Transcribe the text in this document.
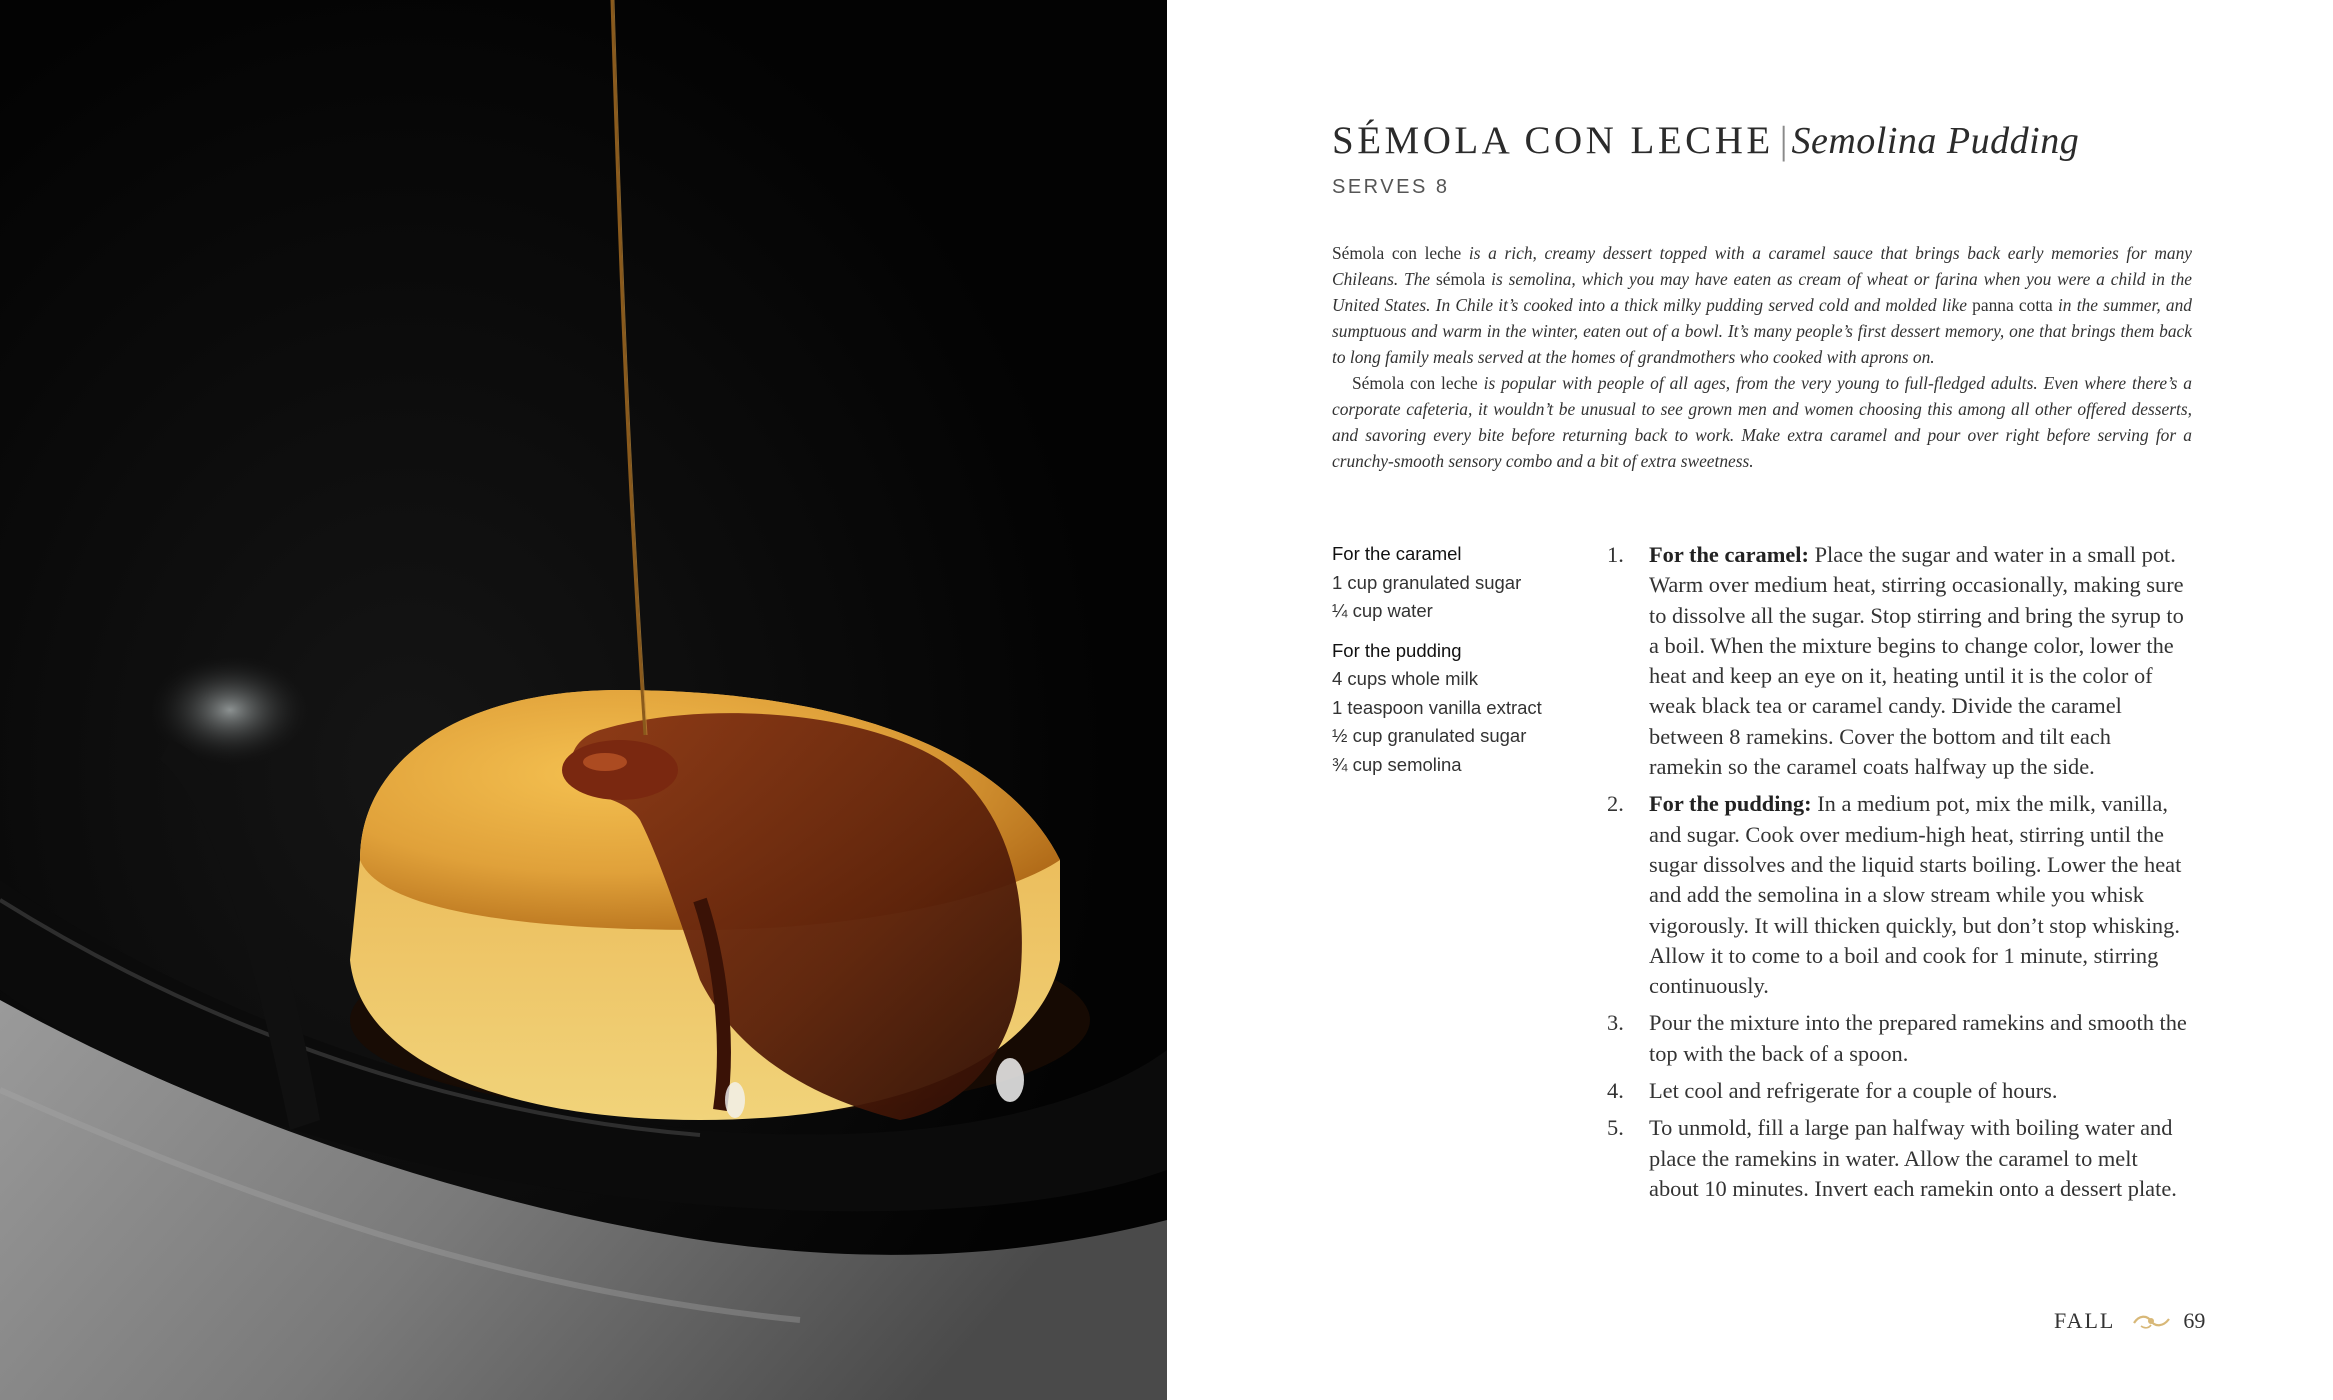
SÉMOLA CON LECHE | Semolina Pudding
SERVES 8

Sémola con leche is a rich, creamy dessert topped with a caramel sauce that brings back early memories for many Chileans. The sémola is semolina, which you may have eaten as cream of wheat or farina when you were a child in the United States. In Chile it’s cooked into a thick milky pudding served cold and molded like panna cotta in the summer, and sumptuous and warm in the winter, eaten out of a bowl. It’s many people’s first dessert memory, one that brings them back to long family meals served at the homes of grandmothers who cooked with aprons on.

Sémola con leche is popular with people of all ages, from the very young to full-fledged adults. Even where there’s a corporate cafeteria, it wouldn’t be unusual to see grown men and women choosing this among all other offered desserts, and savoring every bite before returning back to work. Make extra caramel and pour over right before serving for a crunchy-smooth sensory combo and a bit of extra sweetness.

For the caramel
1 cup granulated sugar
¼ cup water
For the pudding
4 cups whole milk
1 teaspoon vanilla extract
½ cup granulated sugar
¾ cup semolina
1. For the caramel: Place the sugar and water in a small pot. Warm over medium heat, stirring occasionally, making sure to dissolve all the sugar. Stop stirring and bring the syrup to a boil. When the mixture begins to change color, lower the heat and keep an eye on it, heating until it is the color of weak black tea or caramel candy. Divide the caramel between 8 ramekins. Cover the bottom and tilt each ramekin so the caramel coats halfway up the side.
2. For the pudding: In a medium pot, mix the milk, vanilla, and sugar. Cook over medium-high heat, stirring until the sugar dissolves and the liquid starts boiling. Lower the heat and add the semolina in a slow stream while you whisk vigorously. It will thicken quickly, but don’t stop whisking. Allow it to come to a boil and cook for 1 minute, stirring continuously.
3. Pour the mixture into the prepared ramekins and smooth the top with the back of a spoon.
4. Let cool and refrigerate for a couple of hours.
5. To unmold, fill a large pan halfway with boiling water and place the ramekins in water. Allow the caramel to melt about 10 minutes. Invert each ramekin onto a dessert plate.
FALL	69
